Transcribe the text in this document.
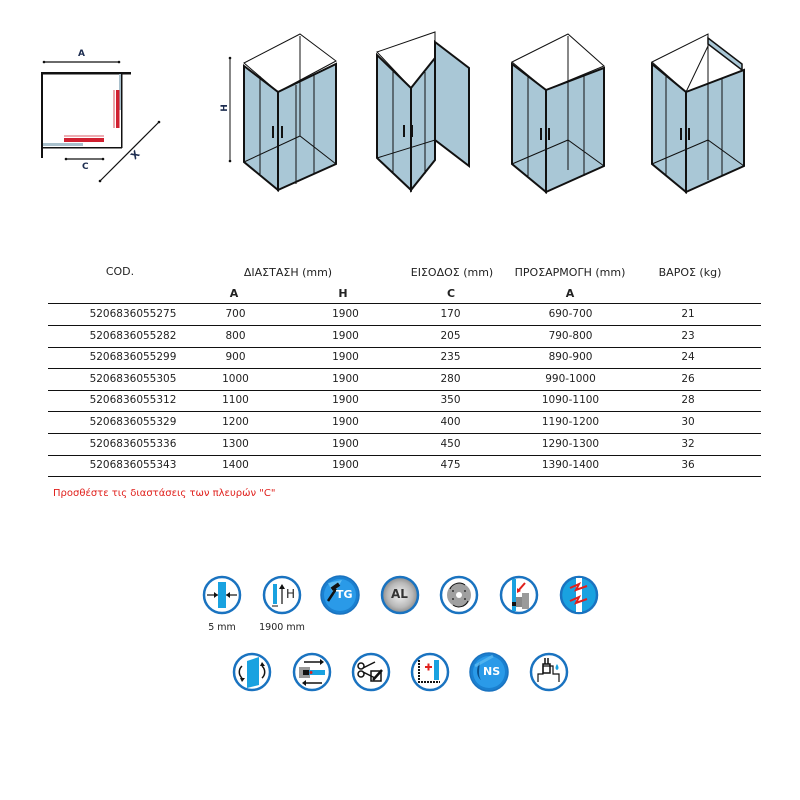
A
C
X
H
COD.	ΔΙΑΣΤΑΣΗ (mm)	ΕΙΣΟΔΟΣ (mm)	ΠΡΟΣΑΡΜΟΓΗ (mm)	ΒΑΡΟΣ (kg)
A	H	C	A
5206836055275	700	1900	170	690-700	21
5206836055282	800	1900	205	790-800	23
5206836055299	900	1900	235	890-900	24
5206836055305	1000	1900	280	990-1000	26
5206836055312	1100	1900	350	1090-1100	28
5206836055329	1200	1900	400	1190-1200	30
5206836055336	1300	1900	450	1290-1300	32
5206836055343	1400	1900	475	1390-1400	36
Προσθέστε τις διαστάσεις των πλευρών "C"
5 mm
H
1900 mm
TG	AL
NS
